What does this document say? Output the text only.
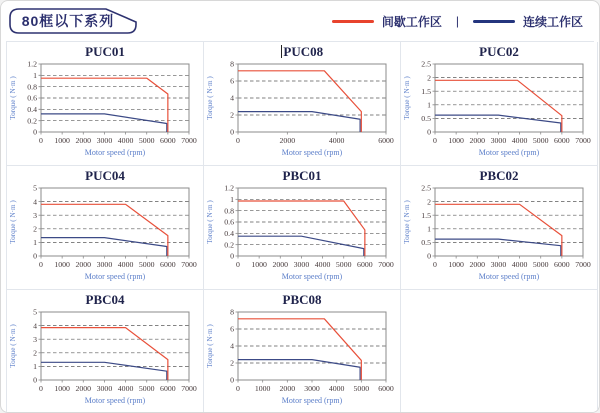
80框以下系列	间歇工作区 |	连续工作区
PUC01
0 1000 2000 3000 4000 5000 6000 7000
0
0.2
0.4
0.6
0.8
1
1.2
Motor speed (rpm)
Torque ( N·m )
PUC08
0	2000	4000	6000
0
2
4
6
8
Motor speed (rpm)
Torque ( N·m )
PUC02
0 1000 2000 3000 4000 5000 6000 7000
0
0.5
1
1.5
2
2.5
Motor speed (rpm)
Torque ( N·m )
PUC04
0 1000 2000 3000 4000 5000 6000 7000
0
1
2
3
4
5
Motor speed (rpm)
Torque ( N·m )
PBC01
0 1000 2000 3000 4000 5000 6000 7000
0
0.2
0.4
0.6
0.8
1
1.2
Motor speed (rpm)
Torque ( N·m )
PBC02
0 1000 2000 3000 4000 5000 6000 7000
0
0.5
1
1.5
2
2.5
Motor speed (rpm)
Torque ( N·m )
PBC04
0 1000 2000 3000 4000 5000 6000 7000
0
1
2
3
4
5
Motor speed (rpm)
Torque ( N·m )
PBC08
0 1000 2000 3000 4000 5000 6000
0
2
4
6
8
Motor speed (rpm)
Torque ( N·m )
